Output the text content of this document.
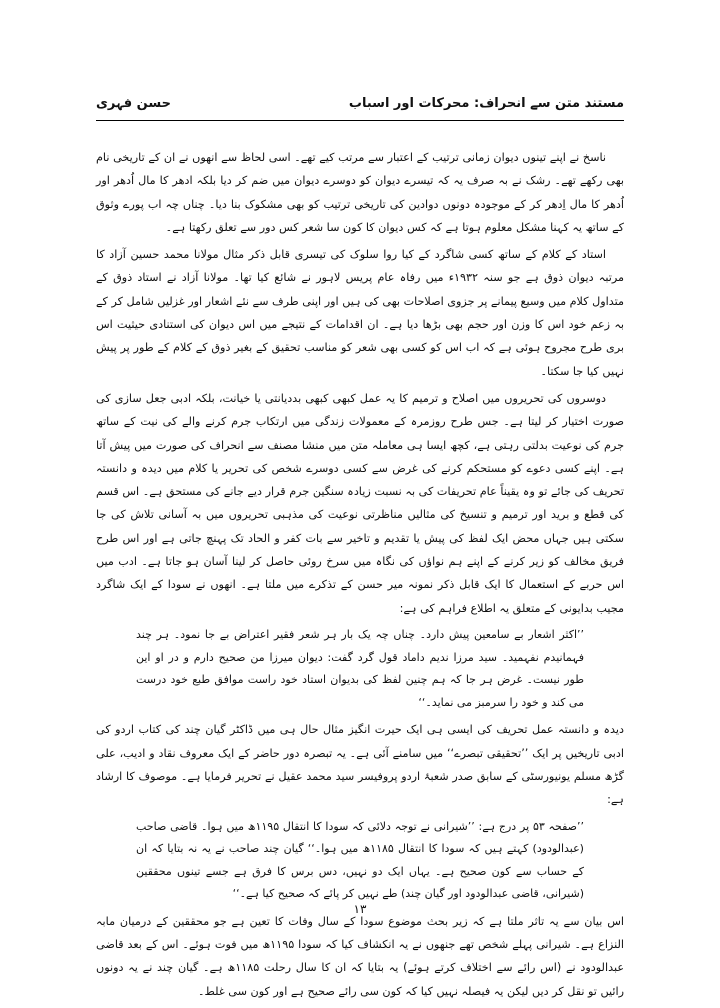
مستند متن سے انحراف: محرکات اور اسباب
حسن فہری

ناسخ نے اپنے تینوں دیوان زمانی ترتیب کے اعتبار سے مرتب کیے تھے۔ اسی لحاظ سے انھوں نے ان کے تاریخی نام بھی رکھے تھے۔ رشک نے بہ صرف یہ کہ تیسرے دیوان کو دوسرے دیوان میں ضم کر دیا بلکہ ادھر کا مال اُدھر اور اُدھر کا مال اِدھر کر کے موجودہ دونوں دوادین کی تاریخی ترتیب کو بھی مشکوک بنا دیا۔ چناں چہ اب پورے وثوق کے ساتھ یہ کہنا مشکل معلوم ہوتا ہے کہ کس دیوان کا کون سا شعر کس دور سے تعلق رکھتا ہے۔

استاد کے کلام کے ساتھ کسی شاگرد کے کیا روا سلوک کی تیسری قابل ذکر مثال مولانا محمد حسین آزاد کا مرتبہ دیوان ذوق ہے جو سنہ ۱۹۳۲ء میں رفاہ عام پریس لاہور نے شائع کیا تھا۔ مولانا آزاد نے استاد ذوق کے متداول کلام میں وسیع پیمانے پر جزوی اصلاحات بھی کی ہیں اور اپنی طرف سے نئے اشعار اور غزلیں شامل کر کے بہ زعم خود اس کا وزن اور حجم بھی بڑھا دیا ہے۔ ان اقدامات کے نتیجے میں اس دیوان کی استنادی حیثیت اس بری طرح مجروح ہوئی ہے کہ اب اس کو کسی بھی شعر کو مناسب تحقیق کے بغیر ذوق کے کلام کے طور پر پیش نہیں کیا جا سکتا۔

دوسروں کی تحریروں میں اصلاح و ترمیم کا یہ عمل کبھی کبھی بددیانتی یا خیانت، بلکہ ادبی جعل سازی کی صورت اختیار کر لیتا ہے۔ جس طرح روزمرہ کے معمولات زندگی میں ارتکاب جرم کرنے والے کی نیت کے ساتھ جرم کی نوعیت بدلتی رہتی ہے، کچھ ایسا ہی معاملہ متن میں منشا مصنف سے انحراف کی صورت میں پیش آتا ہے۔ اپنے کسی دعوے کو مستحکم کرنے کی غرض سے کسی دوسرے شخص کی تحریر یا کلام میں دیدہ و دانستہ تحریف کی جائے تو وہ یقیناً عام تحریفات کی بہ نسبت زیادہ سنگین جرم قرار دیے جانے کی مستحق ہے۔ اس قسم کی قطع و برید اور ترمیم و تنسیخ کی مثالیں مناظرتی نوعیت کی مذہبی تحریروں میں بہ آسانی تلاش کی جا سکتی ہیں جہاں محض ایک لفظ کی پیش یا تقدیم و تاخیر سے بات کفر و الحاد تک پہنچ جاتی ہے اور اس طرح فریق مخالف کو زیر کرنے کے اپنے ہم نواؤں کی نگاہ میں سرخ روئی حاصل کر لینا آسان ہو جاتا ہے۔ ادب میں اس حربے کے استعمال کا ایک قابل ذکر نمونہ میر حسن کے تذکرے میں ملتا ہے۔ انھوں نے سودا کے ایک شاگرد مجیب بدایونی کے متعلق یہ اطلاع فراہم کی ہے:

’’اکثر اشعار بے سامعین پیش دارد۔ چناں چہ یک بار ہر شعر فقیر اعتراض بے جا نمود۔ ہر چند فہمانیدم نفہمید۔ سید مرزا ندیم داماد قول گرد گفت: دیوان میرزا من صحیح دارم و در او این طور نیست۔ غرض ہر جا کہ ہم چنین لفظ کی بدیوان استاد خود راست موافق طبع خود درست می کند و خود را سرمبز می نماید۔‘‘

دیدہ و دانستہ عمل تحریف کی ایسی ہی ایک حیرت انگیز مثال حال ہی میں ڈاکٹر گیان چند کی کتاب اردو کی ادبی تاریخیں پر ایک ’’تحقیقی تبصرے‘‘ میں سامنے آئی ہے۔ یہ تبصرہ دور حاضر کے ایک معروف نقاد و ادیب، علی گڑھ مسلم یونیورسٹی کے سابق صدر شعبۂ اردو پروفیسر سید محمد عقیل نے تحریر فرمایا ہے۔ موصوف کا ارشاد ہے:

’’صفحہ ۵۳ پر درج ہے: ’’شیرانی نے توجہ دلائی کہ سودا کا انتقال ۱۱۹۵ھ میں ہوا۔ قاضی صاحب (عبدالودود) کہتے ہیں کہ سودا کا انتقال ۱۱۸۵ھ میں ہوا۔‘‘ گیان چند صاحب نے یہ نہ بتایا کہ ان کے حساب سے کون صحیح ہے۔ یہاں ایک دو نہیں، دس برس کا فرق ہے جسے تینوں محققین (شیرانی، قاضی عبدالودود اور گیان چند) طے نہیں کر پائے کہ صحیح کیا ہے۔‘‘

اس بیان سے یہ تاثر ملتا ہے کہ زیر بحث موضوع سودا کے سال وفات کا تعین ہے جو محققین کے درمیان مابہ النزاع ہے۔ شیرانی پہلے شخص تھے جنھوں نے یہ انکشاف کیا کہ سودا ۱۱۹۵ھ میں فوت ہوئے۔ اس کے بعد قاضی عبدالودود نے (اس رائے سے اختلاف کرتے ہوئے) یہ بتایا کہ ان کا سال رحلت ۱۱۸۵ھ ہے۔ گیان چند نے یہ دونوں رائیں تو نقل کر دیں لیکن یہ فیصلہ نہیں کیا کہ کون سی رائے صحیح ہے اور کون سی غلط۔

۱۳
